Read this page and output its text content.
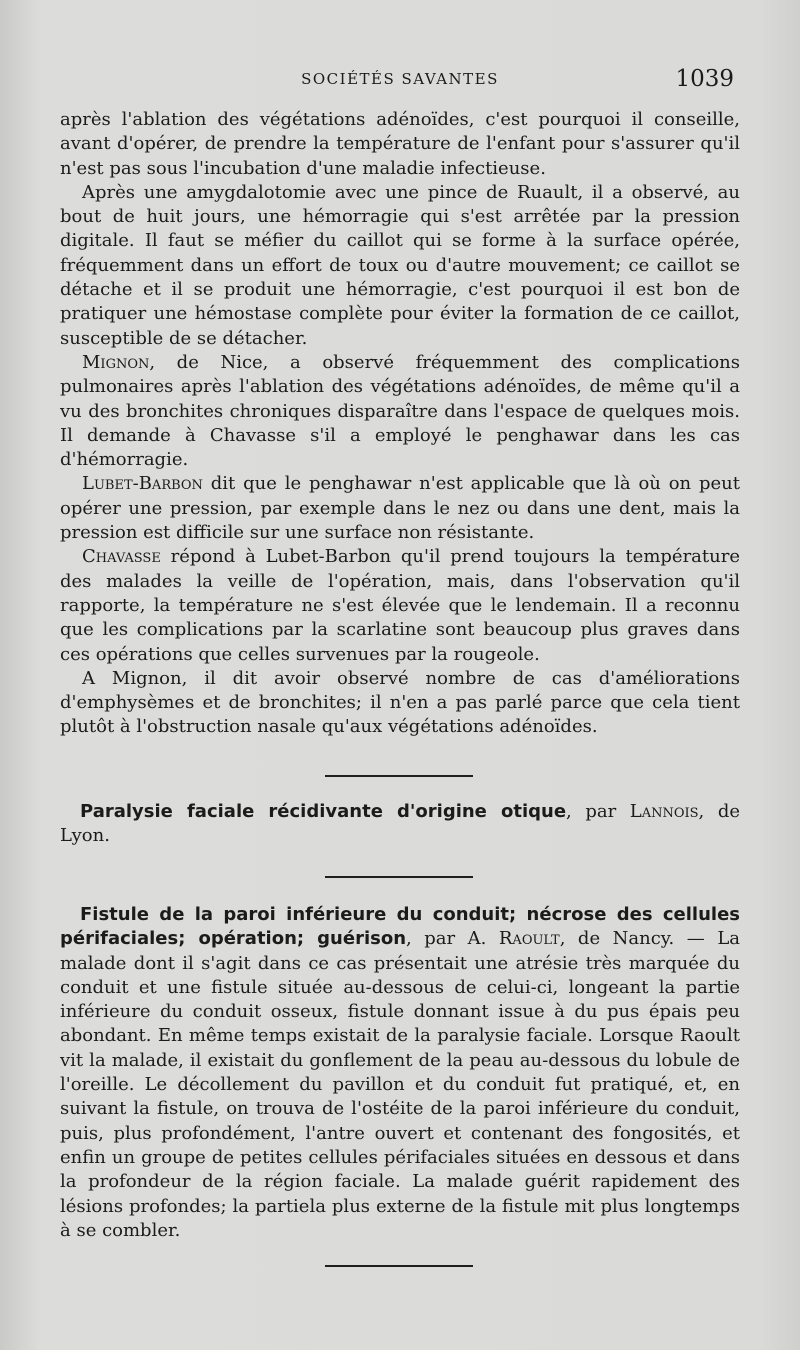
SOCIÉTÉS SAVANTES	1039

après l'ablation des végétations adénoïdes, c'est pourquoi il conseille, avant d'opérer, de prendre la température de l'enfant pour s'assurer qu'il n'est pas sous l'incubation d'une maladie infectieuse.

Après une amygdalotomie avec une pince de Ruault, il a observé, au bout de huit jours, une hémorragie qui s'est arrêtée par la pression digitale. Il faut se méfier du caillot qui se forme à la surface opérée, fréquemment dans un effort de toux ou d'autre mouvement; ce caillot se détache et il se produit une hémorragie, c'est pourquoi il est bon de pratiquer une hémostase complète pour éviter la formation de ce caillot, susceptible de se détacher.

Mignon, de Nice, a observé fréquemment des complications pulmonaires après l'ablation des végétations adénoïdes, de même qu'il a vu des bronchites chroniques disparaître dans l'espace de quelques mois. Il demande à Chavasse s'il a employé le penghawar dans les cas d'hémorragie.

Lubet-Barbon dit que le penghawar n'est applicable que là où on peut opérer une pression, par exemple dans le nez ou dans une dent, mais la pression est difficile sur une surface non résistante.

Chavasse répond à Lubet-Barbon qu'il prend toujours la température des malades la veille de l'opération, mais, dans l'observation qu'il rapporte, la température ne s'est élevée que le lendemain. Il a reconnu que les complications par la scarlatine sont beaucoup plus graves dans ces opérations que celles survenues par la rougeole.

A Mignon, il dit avoir observé nombre de cas d'améliorations d'emphysèmes et de bronchites; il n'en a pas parlé parce que cela tient plutôt à l'obstruction nasale qu'aux végétations adénoïdes.

Paralysie faciale récidivante d'origine otique, par Lannois, de Lyon.

Fistule de la paroi inférieure du conduit; nécrose des cellules périfaciales; opération; guérison, par A. Raoult, de Nancy. — La malade dont il s'agit dans ce cas présentait une atrésie très marquée du conduit et une fistule située au-dessous de celui-ci, longeant la partie inférieure du conduit osseux, fistule donnant issue à du pus épais peu abondant. En même temps existait de la paralysie faciale. Lorsque Raoult vit la malade, il existait du gonflement de la peau au-dessous du lobule de l'oreille. Le décollement du pavillon et du conduit fut pratiqué, et, en suivant la fistule, on trouva de l'ostéite de la paroi inférieure du conduit, puis, plus profondément, l'antre ouvert et contenant des fongosités, et enfin un groupe de petites cellules périfaciales situées en dessous et dans la profondeur de la région faciale. La malade guérit rapidement des lésions profondes; la partiela plus externe de la fistule mit plus longtemps à se combler.
